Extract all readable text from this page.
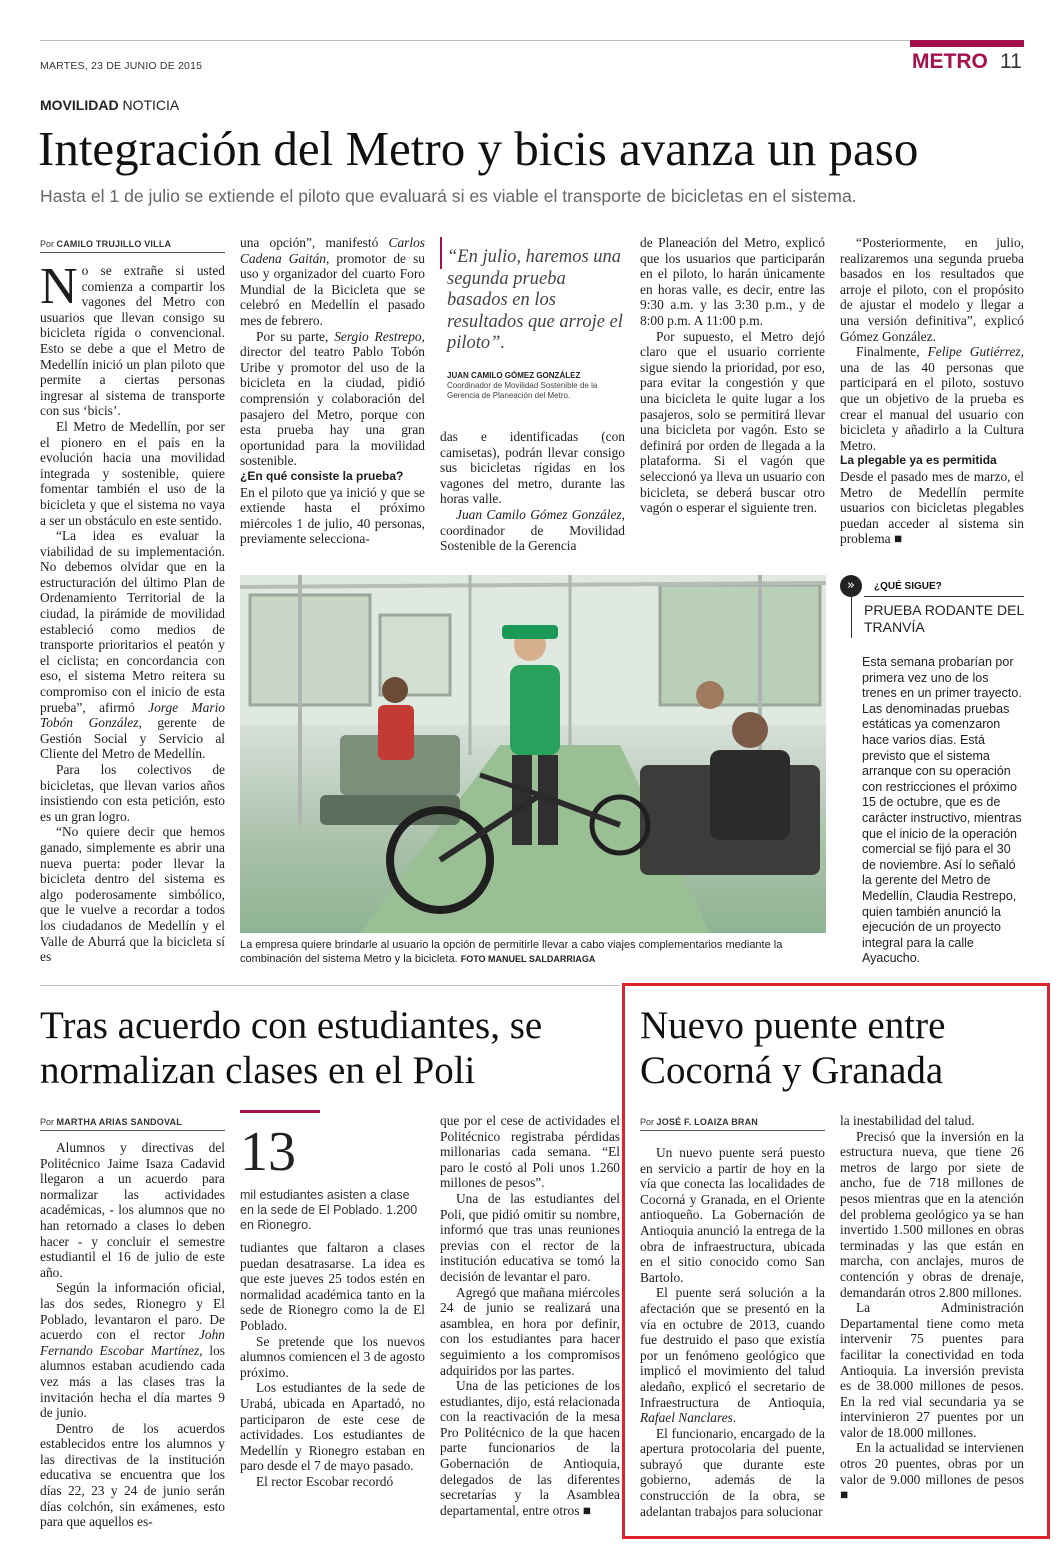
MARTES, 23 DE JUNIO DE 2015	METRO 11
MOVILIDAD NOTICIA
Integración del Metro y bicis avanza un paso
Hasta el 1 de julio se extiende el piloto que evaluará si es viable el transporte de bicicletas en el sistema.
Por CAMILO TRUJILLO VILLA

No se extrañe si usted comienza a compartir los vagones del Metro con usuarios que llevan consigo su bicicleta rígida o convencional. Esto se debe a que el Metro de Medellín inició un plan piloto que permite a ciertas personas ingresar al sistema de transporte con sus ‘bicis’.

El Metro de Medellín, por ser el pionero en el país en la evolución hacia una movilidad integrada y sostenible, quiere fomentar también el uso de la bicicleta y que el sistema no vaya a ser un obstáculo en este sentido.

“La idea es evaluar la viabilidad de su implementación. No debemos olvidar que en la estructuración del último Plan de Ordenamiento Territorial de la ciudad, la pirámide de movilidad estableció como medios de transporte prioritarios el peatón y el ciclista; en concordancia con eso, el sistema Metro reitera su compromiso con el inicio de esta prueba”, afirmó Jorge Mario Tobón González, gerente de Gestión Social y Servicio al Cliente del Metro de Medellín.

Para los colectivos de bicicletas, que llevan varios años insistiendo con esta petición, esto es un gran logro.

“No quiere decir que hemos ganado, simplemente es abrir una nueva puerta: poder llevar la bicicleta dentro del sistema es algo poderosamente simbólico, que le vuelve a recordar a todos los ciudadanos de Medellín y el Valle de Aburrá que la bicicleta sí es

una opción”, manifestó Carlos Cadena Gaitán, promotor de su uso y organizador del cuarto Foro Mundial de la Bicicleta que se celebró en Medellín el pasado mes de febrero.

Por su parte, Sergio Restrepo, director del teatro Pablo Tobón Uribe y promotor del uso de la bicicleta en la ciudad, pidió comprensión y colaboración del pasajero del Metro, porque con esta prueba hay una gran oportunidad para la movilidad sostenible.

¿En qué consiste la prueba?

En el piloto que ya inició y que se extiende hasta el próximo miércoles 1 de julio, 40 personas, previamente selecciona-

“En julio, haremos una segunda prueba basados en los resultados que arroje el piloto”.
JUAN CAMILO GÓMEZ GONZÁLEZ
Coordinador de Movilidad Sostenible de la Gerencia de Planeación del Metro.

das e identificadas (con camisetas), podrán llevar consigo sus bicicletas rígidas en los vagones del metro, durante las horas valle.

Juan Camilo Gómez González, coordinador de Movilidad Sostenible de la Gerencia

de Planeación del Metro, explicó que los usuarios que participarán en el piloto, lo harán únicamente en horas valle, es decir, entre las 9:30 a.m. y las 3:30 p.m., y de 8:00 p.m. A 11:00 p.m.

Por supuesto, el Metro dejó claro que el usuario corriente sigue siendo la prioridad, por eso, para evitar la congestión y que una bicicleta le quite lugar a los pasajeros, solo se permitirá llevar una bicicleta por vagón. Esto se definirá por orden de llegada a la plataforma. Si el vagón que seleccionó ya lleva un usuario con bicicleta, se deberá buscar otro vagón o esperar el siguiente tren.

“Posteriormente, en julio, realizaremos una segunda prueba basados en los resultados que arroje el piloto, con el propósito de ajustar el modelo y llegar a una versión definitiva”, explicó Gómez González.

Finalmente, Felipe Gutiérrez, una de las 40 personas que participará en el piloto, sostuvo que un objetivo de la prueba es crear el manual del usuario con bicicleta y añadirlo a la Cultura Metro.

La plegable ya es permitida

Desde el pasado mes de marzo, el Metro de Medellín permite usuarios con bicicletas plegables puedan acceder al sistema sin problema ■

La empresa quiere brindarle al usuario la opción de permitirle llevar a cabo viajes complementarios mediante la combinación del sistema Metro y la bicicleta. FOTO MANUEL SALDARRIAGA
»	¿QUÉ SIGUE?
PRUEBA RODANTE DEL TRANVÍA
Esta semana probarían por primera vez uno de los trenes en un primer trayecto. Las denominadas pruebas estáticas ya comenzaron hace varios días. Está previsto que el sistema arranque con su operación con restricciones el próximo 15 de octubre, que es de carácter instructivo, mientras que el inicio de la operación comercial se fijó para el 30 de noviembre. Así lo señaló la gerente del Metro de Medellín, Claudia Restrepo, quien también anunció la ejecución de un proyecto integral para la calle Ayacucho.
Tras acuerdo con estudiantes, se normalizan clases en el Poli
Por MARTHA ARIAS SANDOVAL

Alumnos y directivas del Politécnico Jaime Isaza Cadavid llegaron a un acuerdo para normalizar las actividades académicas, - los alumnos que no han retornado a clases lo deben hacer - y concluir el semestre estudiantil el 16 de julio de este año.

Según la información oficial, las dos sedes, Rionegro y El Poblado, levantaron el paro. De acuerdo con el rector John Fernando Escobar Martínez, los alumnos estaban acudiendo cada vez más a las clases tras la invitación hecha el día martes 9 de junio.

Dentro de los acuerdos establecidos entre los alumnos y las directivas de la institución educativa se encuentra que los días 22, 23 y 24 de junio serán días colchón, sin exámenes, esto para que aquellos es-

13
mil estudiantes asisten a clase en la sede de El Poblado. 1.200 en Rionegro.

tudiantes que faltaron a clases puedan desatrasarse. La idea es que este jueves 25 todos estén en normalidad académica tanto en la sede de Rionegro como la de El Poblado.

Se pretende que los nuevos alumnos comiencen el 3 de agosto próximo.

Los estudiantes de la sede de Urabá, ubicada en Apartadó, no participaron de este cese de actividades. Los estudiantes de Medellín y Rionegro estaban en paro desde el 7 de mayo pasado.

El rector Escobar recordó

que por el cese de actividades el Politécnico registraba pérdidas millonarias cada semana. “El paro le costó al Poli unos 1.260 millones de pesos”.

Una de las estudiantes del Poli, que pidió omitir su nombre, informó que tras unas reuniones previas con el rector de la institución educativa se tomó la decisión de levantar el paro.

Agregó que mañana miércoles 24 de junio se realizará una asamblea, en hora por definir, con los estudiantes para hacer seguimiento a los compromisos adquiridos por las partes.

Una de las peticiones de los estudiantes, dijo, está relacionada con la reactivación de la mesa Pro Politécnico de la que hacen parte funcionarios de la Gobernación de Antioquia, delegados de las diferentes secretarías y la Asamblea departamental, entre otros ■

Nuevo puente entre Cocorná y Granada
Por JOSÉ F. LOAIZA BRAN

Un nuevo puente será puesto en servicio a partir de hoy en la vía que conecta las localidades de Cocorná y Granada, en el Oriente antioqueño. La Gobernación de Antioquia anunció la entrega de la obra de infraestructura, ubicada en el sitio conocido como San Bartolo.

El puente será solución a la afectación que se presentó en la vía en octubre de 2013, cuando fue destruido el paso que existía por un fenómeno geológico que implicó el movimiento del talud aledaño, explicó el secretario de Infraestructura de Antioquia, Rafael Nanclares.

El funcionario, encargado de la apertura protocolaria del puente, subrayó que durante este gobierno, además de la construcción de la obra, se adelantan trabajos para solucionar

la inestabilidad del talud.

Precisó que la inversión en la estructura nueva, que tiene 26 metros de largo por siete de ancho, fue de 718 millones de pesos mientras que en la atención del problema geológico ya se han invertido 1.500 millones en obras terminadas y las que están en marcha, con anclajes, muros de contención y obras de drenaje, demandarán otros 2.800 millones.

La Administración Departamental tiene como meta intervenir 75 puentes para facilitar la conectividad en toda Antioquia. La inversión prevista es de 38.000 millones de pesos. En la red vial secundaria ya se intervinieron 27 puentes por un valor de 18.000 millones.

En la actualidad se intervienen otros 20 puentes, obras por un valor de 9.000 millones de pesos ■
